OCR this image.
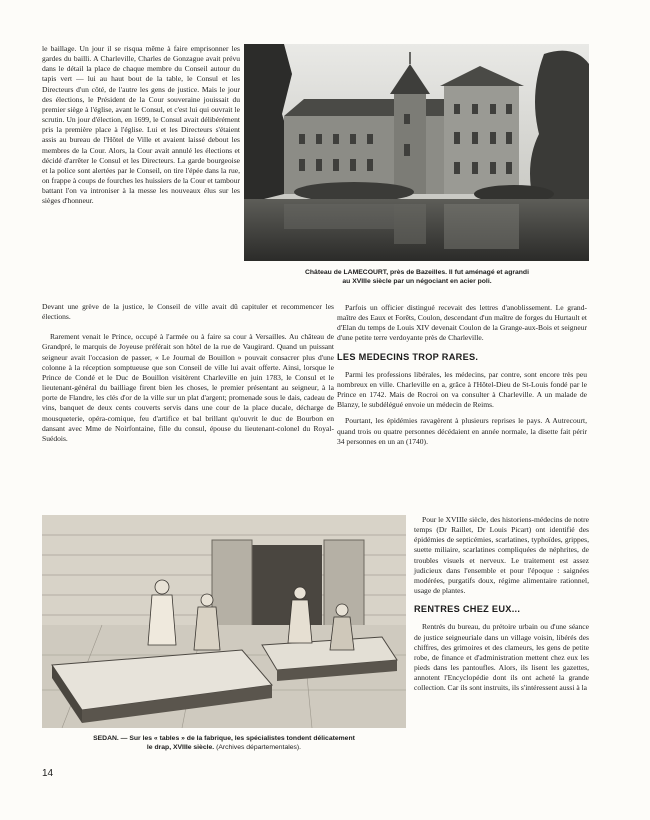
le baillage. Un jour il se risqua même à faire emprisonner les gardes du bailli. A Charleville, Charles de Gonzague avait prévu dans le détail la place de chaque membre du Conseil autour du tapis vert — lui au haut bout de la table, le Consul et les Directeurs d'un côté, de l'autre les gens de justice. Mais le jour des élections, le Président de la Cour souveraine jouissait du premier siège à l'église, avant le Consul, et c'est lui qui ouvrait le scrutin. Un jour d'élection, en 1699, le Consul avait délibérément pris la première place à l'église. Lui et les Directeurs s'étaient assis au bureau de l'Hôtel de Ville et avaient laissé debout les membres de la Cour. Alors, la Cour avait annulé les élections et décidé d'arrêter le Consul et les Directeurs. La garde bourgeoise et la police sont alertées par le Conseil, on tire l'épée dans la rue, on frappe à coups de fourches les huissiers de la Cour et tambour battant l'on va introniser à la messe les nouveaux élus sur les sièges d'honneur.

Château de LAMECOURT, près de Bazeilles. Il fut aménagé et agrandi
au XVIIIe siècle par un négociant en acier poli.

Devant une grève de la justice, le Conseil de ville avait dû capituler et recommencer les élections.

Rarement venait le Prince, occupé à l'armée ou à faire sa cour à Versailles. Au château de Grandpré, le marquis de Joyeuse préférait son hôtel de la rue de Vaugirard. Quand un puissant seigneur avait l'occasion de passer, « Le Journal de Bouillon » pouvait consacrer plus d'une colonne à la réception somptueuse que son Conseil de ville lui avait offerte. Ainsi, lorsque le Prince de Condé et le Duc de Bouillon visitèrent Charleville en juin 1783, le Consul et le lieutenant-général du bailliage firent bien les choses, le premier présentant au seigneur, à la porte de Flandre, les clés d'or de la ville sur un plat d'argent; promenade sous le dais, cadeau de vins, banquet de deux cents couverts servis dans une cour de la place ducale, décharge de mousqueterie, opéra-comique, feu d'artifice et bal brillant qu'ouvrit le duc de Bourbon en dansant avec Mme de Noirfontaine, fille du consul, épouse du lieutenant-colonel du Royal-Suédois.

Parfois un officier distingué recevait des lettres d'anoblissement. Le grand-maître des Eaux et Forêts, Coulon, descendant d'un maître de forges du Hurtault et d'Elan du temps de Louis XIV devenait Coulon de la Grange-aux-Bois et seigneur d'une petite terre verdoyante près de Charleville.

LES MEDECINS TROP RARES.

Parmi les professions libérales, les médecins, par contre, sont encore très peu nombreux en ville. Charleville en a, grâce à l'Hôtel-Dieu de St-Louis fondé par le Prince en 1742. Mais de Rocroi on va consulter à Charleville. A un malade de Blanzy, le subdélégué envoie un médecin de Reims.

Pourtant, les épidémies ravagèrent à plusieurs reprises le pays. A Autrecourt, quand trois ou quatre personnes décédaient en année normale, la disette fait périr 34 personnes en un an (1740).

SEDAN. — Sur les « tables » de la fabrique, les spécialistes tondent délicatement
le drap, XVIIIe siècle. (Archives départementales).

Pour le XVIIIe siècle, des historiens-médecins de notre temps (Dr Raillet, Dr Louis Picart) ont identifié des épidémies de septicémies, scarlatines, typhoïdes, grippes, suette miliaire, scarlatines compliquées de néphrites, de troubles visuels et nerveux. Le traitement est assez judicieux dans l'ensemble et pour l'époque : saignées modérées, purgatifs doux, régime alimentaire rationnel, usage de plantes.

RENTRES CHEZ EUX...

Rentrés du bureau, du prétoire urbain ou d'une séance de justice seigneuriale dans un village voisin, libérés des chiffres, des grimoires et des clameurs, les gens de petite robe, de finance et d'administration mettent chez eux les pieds dans les pantoufles. Alors, ils lisent les gazettes, annotent l'Encyclopédie dont ils ont acheté la grande collection. Car ils sont instruits, ils s'intéressent aussi à la

14
